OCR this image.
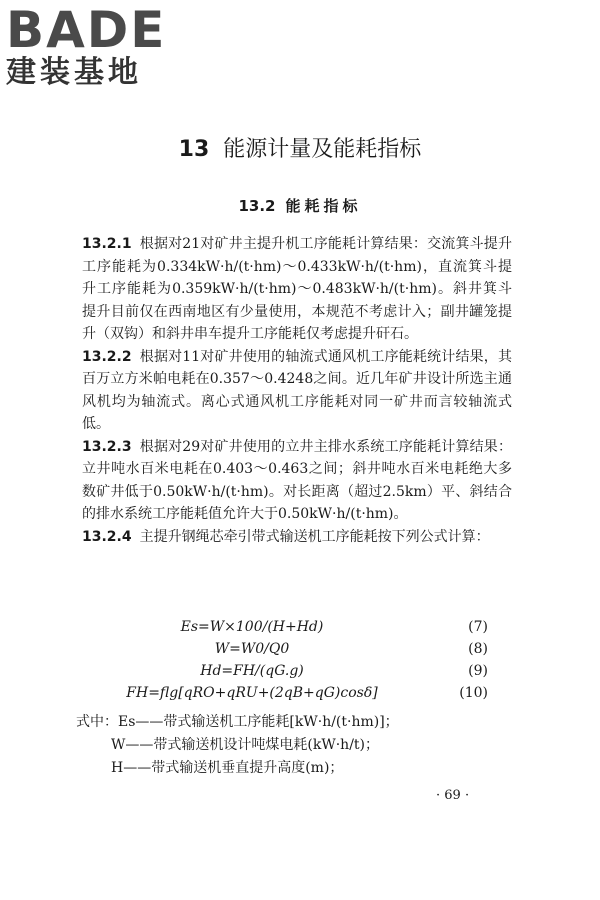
BADE
建装基地
13 能源计量及能耗指标
13.2 能耗指标

13.2.1 根据对21对矿井主提升机工序能耗计算结果：交流箕斗提升工序能耗为0.334kW·h/(t·hm)～0.433kW·h/(t·hm)，直流箕斗提升工序能耗为0.359kW·h/(t·hm)～0.483kW·h/(t·hm)。斜井箕斗提升目前仅在西南地区有少量使用，本规范不考虑计入；副井罐笼提升（双钩）和斜井串车提升工序能耗仅考虑提升矸石。

13.2.2 根据对11对矿井使用的轴流式通风机工序能耗统计结果，其百万立方米帕电耗在0.357～0.4248之间。近几年矿井设计所选主通风机均为轴流式。离心式通风机工序能耗对同一矿井而言较轴流式低。

13.2.3 根据对29对矿井使用的立井主排水系统工序能耗计算结果：立井吨水百米电耗在0.403～0.463之间；斜井吨水百米电耗绝大多数矿井低于0.50kW·h/(t·hm)。对长距离（超过2.5km）平、斜结合的排水系统工序能耗值允许大于0.50kW·h/(t·hm)。

13.2.4 主提升钢绳芯牵引带式输送机工序能耗按下列公式计算：

Es=W×100/(H+Hd)	(7)
W=W0/Q0	(8)
Hd=FH/(qG.g)	(9)
FH=flg[qRO+qRU+(2qB+qG)cosδ]	(10)
式中：Es——带式输送机工序能耗[kW·h/(t·hm)]；
W——带式输送机设计吨煤电耗(kW·h/t)；
H——带式输送机垂直提升高度(m)；
· 69 ·
